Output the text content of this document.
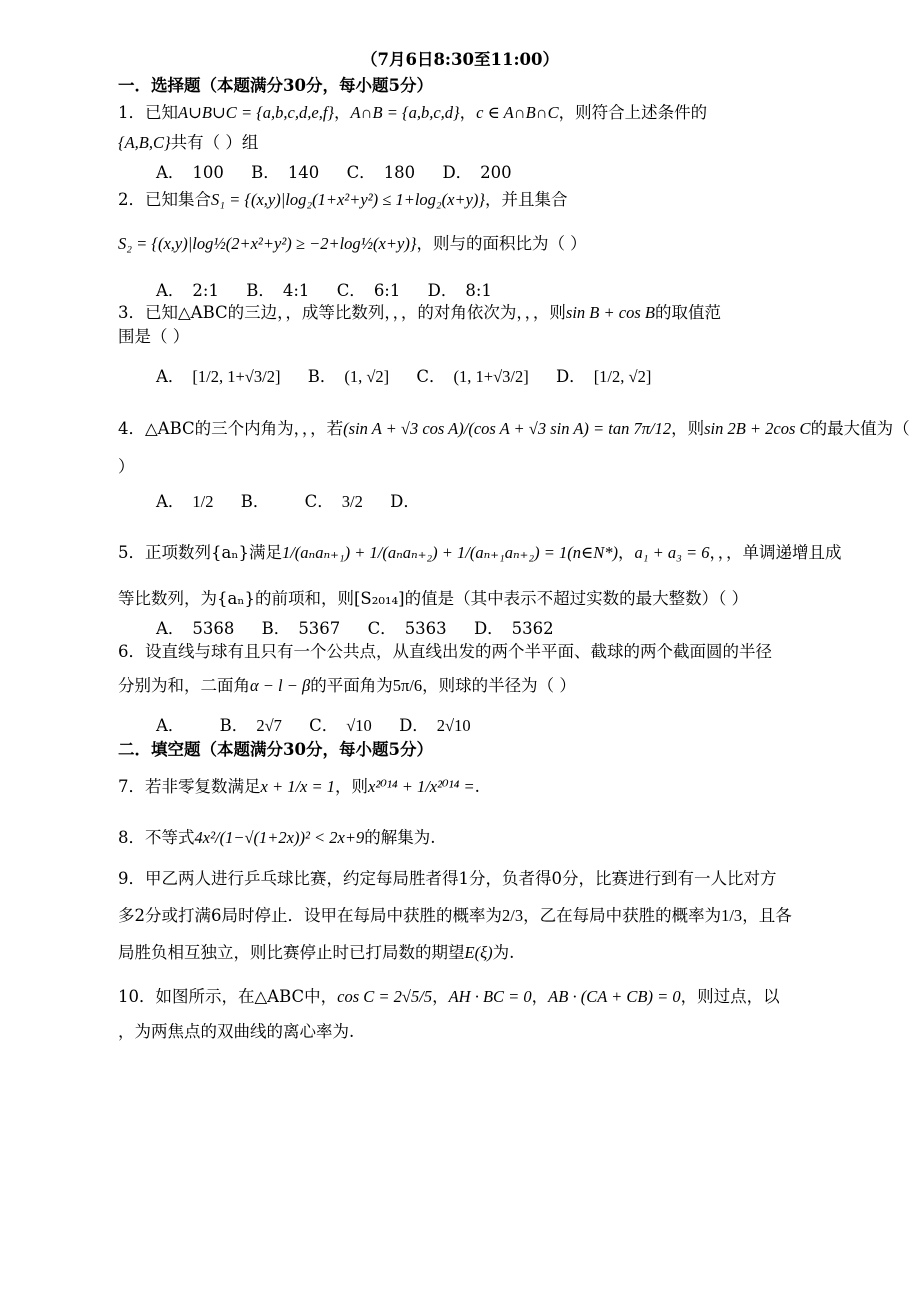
（7月6日8:30至11:00）
一．选择题（本题满分30分，每小题5分）
1．已知A∪B∪C = {a,b,c,d,e,f}，A∩B = {a,b,c,d}，c ∈ A∩B∩C，则符合上述条件的
{A,B,C}共有（ ）组
A． 100 B． 140 C． 180 D． 200
2．已知集合S₁ = {(x,y)|log₂(1+x²+y²) ≤ 1+log₂(x+y)}，并且集合
S₂ = {(x,y)|log½(2+x²+y²) ≥ −2+log½(x+y)}，则与的面积比为（ ）
A． 2:1 B． 4:1 C． 6:1 D． 8:1
3．已知△ABC的三边，，成等比数列，，，的对角依次为，，，则sin B + cos B的取值范
围是（ ）
A． [1/2, 1+√3/2] B． (1, √2] C． (1, 1+√3/2] D． [1/2, √2]
4．△ABC的三个内角为，，，若(sin A + √3 cos A)/(cos A + √3 sin A) = tan 7π/12，则sin 2B + 2cos C的最大值为（
）
A． 1/2 B． C． 3/2 D．
5．正项数列{aₙ}满足1/(aₙaₙ₊₁) + 1/(aₙaₙ₊₂) + 1/(aₙ₊₁aₙ₊₂) = 1(n∈N*)，a₁ + a₃ = 6，，，单调递增且成
等比数列，为{aₙ}的前项和，则[S₂₀₁₄]的值是（其中表示不超过实数的最大整数）（ ）
A． 5368 B． 5367 C． 5363 D． 5362
6．设直线与球有且只有一个公共点，从直线出发的两个半平面、截球的两个截面圆的半径
分别为和，二面角α − l − β的平面角为5π/6，则球的半径为（ ）
A． B． 2√7 C． √10 D． 2√10
二．填空题（本题满分30分，每小题5分）
7．若非零复数满足x + 1/x = 1，则x²⁰¹⁴ + 1/x²⁰¹⁴ =.
8．不等式4x²/(1−√(1+2x))² < 2x+9的解集为.
9．甲乙两人进行乒乓球比赛，约定每局胜者得1分，负者得0分，比赛进行到有一人比对方
多2分或打满6局时停止．设甲在每局中获胜的概率为2/3，乙在每局中获胜的概率为1/3，且各
局胜负相互独立，则比赛停止时已打局数的期望E(ξ)为.
10．如图所示，在△ABC中，cos C = 2√5/5，AH · BC = 0，AB · (CA + CB) = 0，则过点，以
，为两焦点的双曲线的离心率为.
